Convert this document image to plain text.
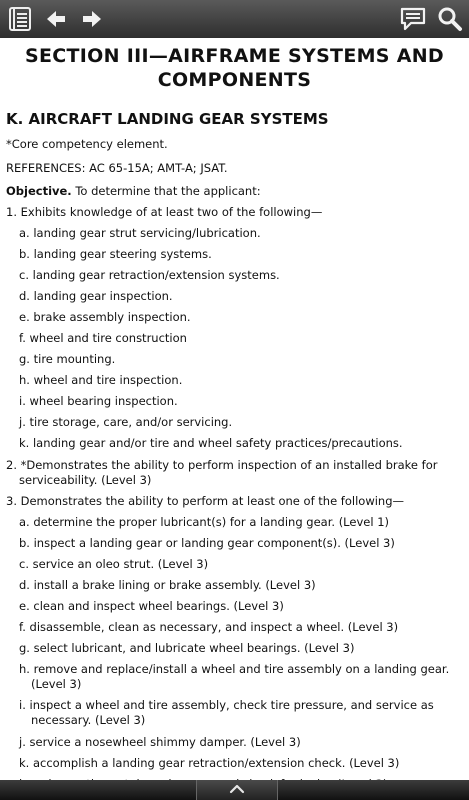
SECTION III—AIRFRAME SYSTEMS AND
COMPONENTS
K. AIRCRAFT LANDING GEAR SYSTEMS
*Core competency element.
REFERENCES: AC 65-15A; AMT-A; JSAT.
Objective. To determine that the applicant:
1. Exhibits knowledge of at least two of the following—
a. landing gear strut servicing/lubrication.
b. landing gear steering systems.
c. landing gear retraction/extension systems.
d. landing gear inspection.
e. brake assembly inspection.
f. wheel and tire construction
g. tire mounting.
h. wheel and tire inspection.
i. wheel bearing inspection.
j. tire storage, care, and/or servicing.
k. landing gear and/or tire and wheel safety practices/precautions.
2. *Demonstrates the ability to perform inspection of an installed brake for
serviceability. (Level 3)
3. Demonstrates the ability to perform at least one of the following—
a. determine the proper lubricant(s) for a landing gear. (Level 1)
b. inspect a landing gear or landing gear component(s). (Level 3)
c. service an oleo strut. (Level 3)
d. install a brake lining or brake assembly. (Level 3)
e. clean and inspect wheel bearings. (Level 3)
f. disassemble, clean as necessary, and inspect a wheel. (Level 3)
g. select lubricant, and lubricate wheel bearings. (Level 3)
h. remove and replace/install a wheel and tire assembly on a landing gear.
(Level 3)
i. inspect a wheel and tire assembly, check tire pressure, and service as
necessary. (Level 3)
j. service a nosewheel shimmy damper. (Level 3)
k. accomplish a landing gear retraction/extension check. (Level 3)
